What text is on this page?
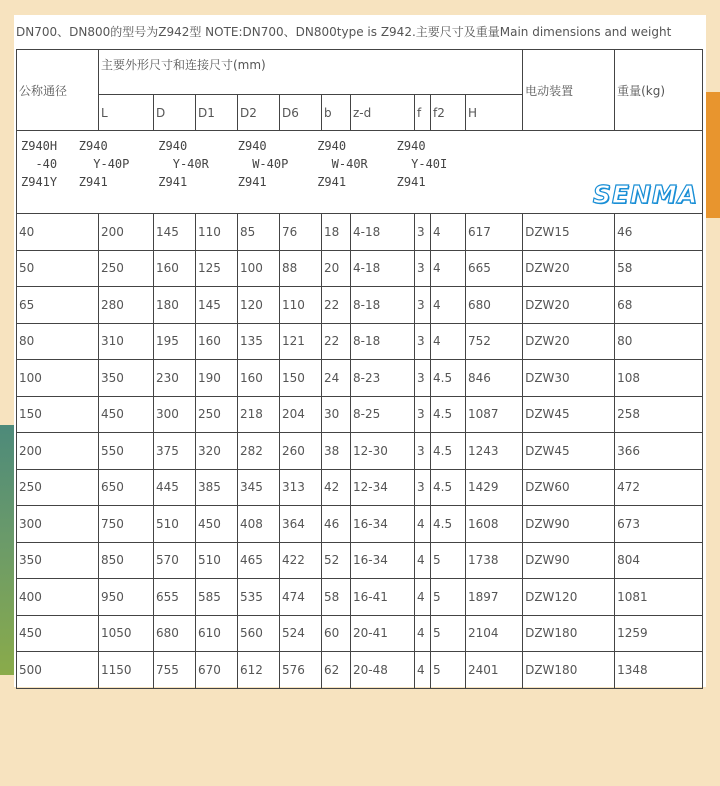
DN700、DN800的型号为Z942型 NOTE:DN700、DN800type is Z942.主要尺寸及重量Main dimensions and weight
公称通径	主要外形尺寸和连接尺寸(mm)										电动装置	重量(kg)
	L	D	D1	D2	D6	b	z-d	f	f2	H		

Z940H   Z940       Z940       Z940       Z940       Z940
-40     Y-40P      Y-40R      W-40P      W-40R      Y-40I
Z941Y   Z941       Z941       Z941       Z941       Z941 SENMA												

40	200	145	110	85	76	18	4-18	3	4	617	DZW15	46
50	250	160	125	100	88	20	4-18	3	4	665	DZW20	58
65	280	180	145	120	110	22	8-18	3	4	680	DZW20	68
80	310	195	160	135	121	22	8-18	3	4	752	DZW20	80
100	350	230	190	160	150	24	8-23	3	4.5	846	DZW30	108
150	450	300	250	218	204	30	8-25	3	4.5	1087	DZW45	258
200	550	375	320	282	260	38	12-30	3	4.5	1243	DZW45	366
250	650	445	385	345	313	42	12-34	3	4.5	1429	DZW60	472
300	750	510	450	408	364	46	16-34	4	4.5	1608	DZW90	673
350	850	570	510	465	422	52	16-34	4	5	1738	DZW90	804
400	950	655	585	535	474	58	16-41	4	5	1897	DZW120	1081
450	1050	680	610	560	524	60	20-41	4	5	2104	DZW180	1259
500	1150	755	670	612	576	62	20-48	4	5	2401	DZW180	1348
